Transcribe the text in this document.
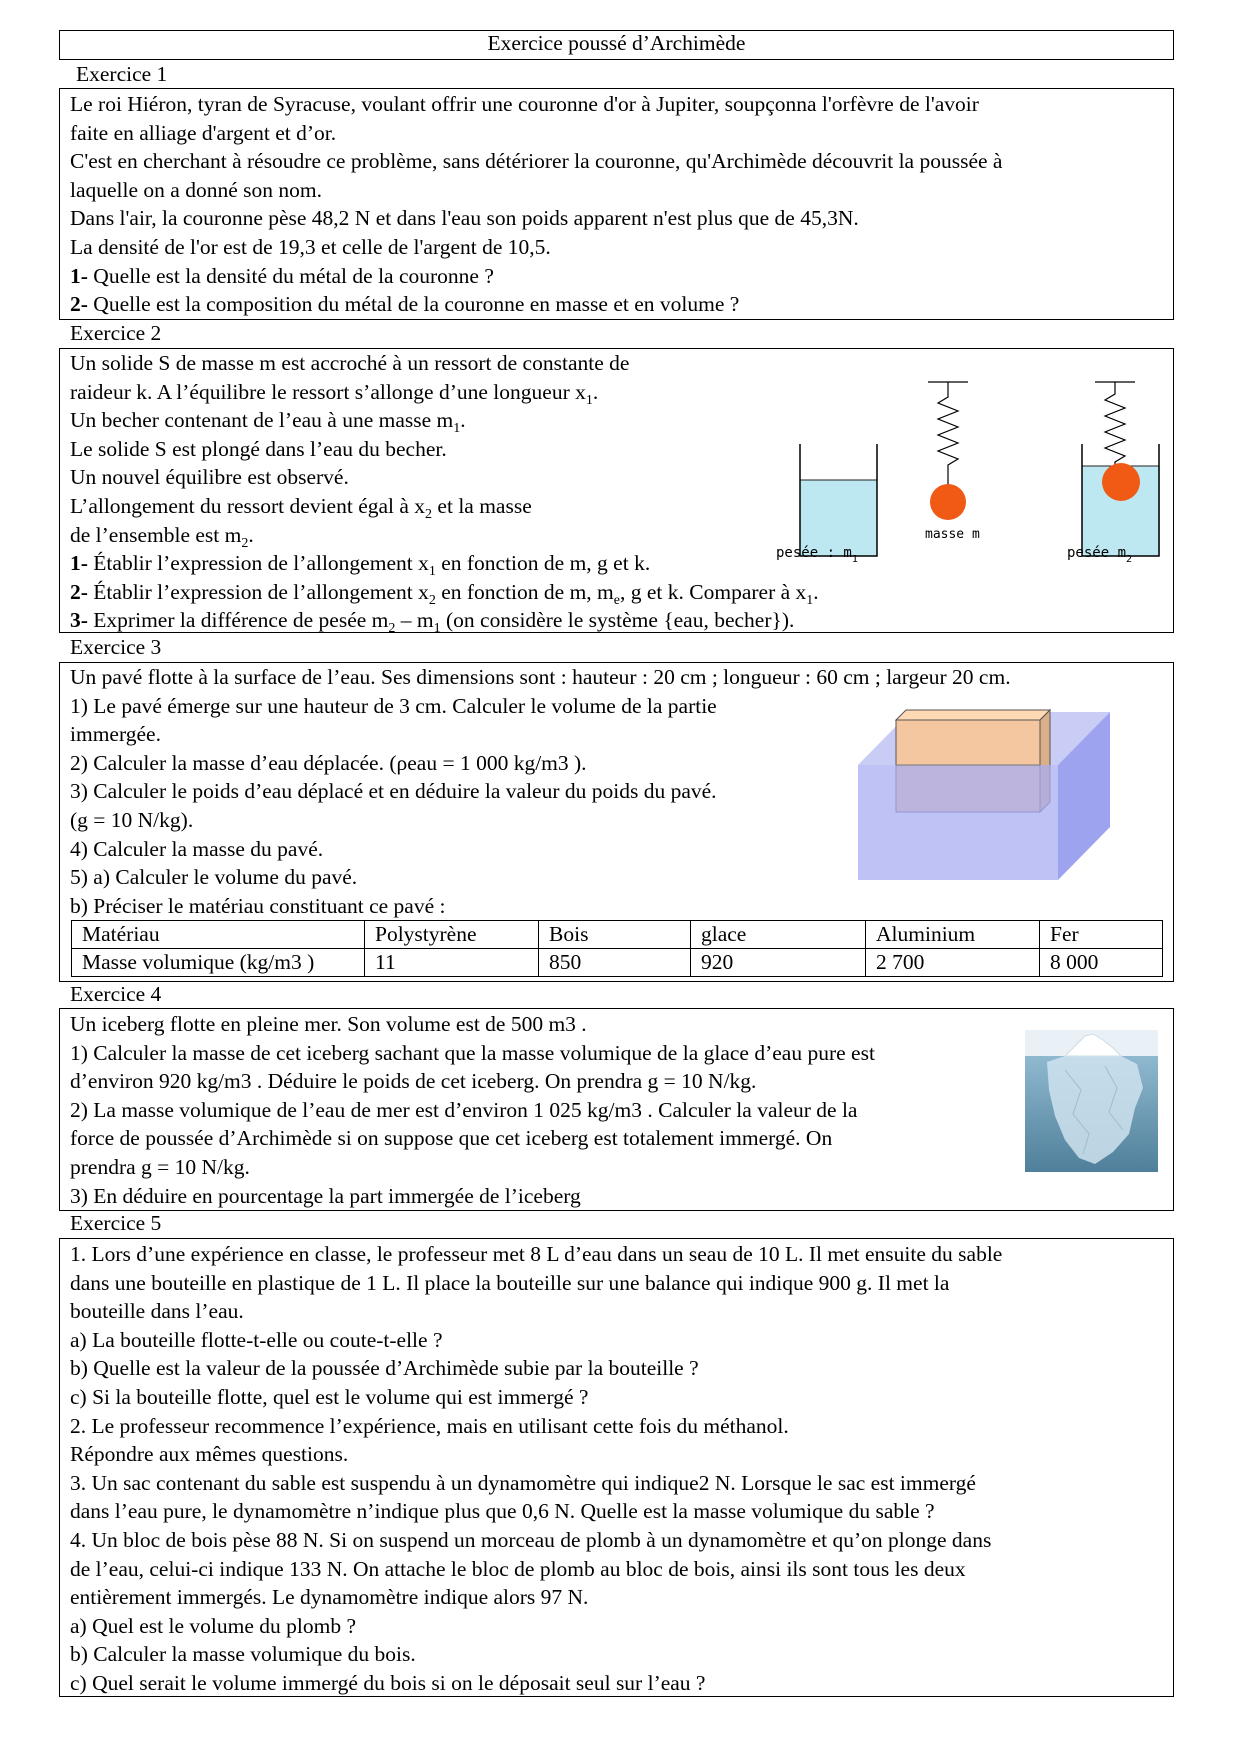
Exercice poussé d’Archimède
Exercice 1
Le roi Hiéron, tyran de Syracuse, voulant offrir une couronne d'or à Jupiter, soupçonna l'orfèvre de l'avoir
faite en alliage d'argent et d’or.
C'est en cherchant à résoudre ce problème, sans détériorer la couronne, qu'Archimède découvrit la poussée à
laquelle on a donné son nom.
Dans l'air, la couronne pèse 48,2 N et dans l'eau son poids apparent n'est plus que de 45,3N.
La densité de l'or est de 19,3 et celle de l'argent de 10,5.
1- Quelle est la densité du métal de la couronne ?
2- Quelle est la composition du métal de la couronne en masse et en volume ?
Exercice 2
Un solide S de masse m est accroché à un ressort de constante de
raideur k. A l’équilibre le ressort s’allonge d’une longueur $x_1$.
Un becher contenant de l’eau à une masse $m_1$.
Le solide S est plongé dans l’eau du becher.
Un nouvel équilibre est observé.
L’allongement du ressort devient égal à $x_2$ et la masse
de l’ensemble est $m_2$.
1- Établir l’expression de l’allongement $x_1$ en fonction de m, g et k.
2- Établir l’expression de l’allongement $x_2$ en fonction de m, $m_e$, g et k. Comparer à $x_1$.
3- Exprimer la différence de pesée $m_2 - m_1$ (on considère le système {eau, becher}).
pesée : $m_1$
masse m
pesée $m_2$
Exercice 3
Un pavé flotte à la surface de l’eau. Ses dimensions sont : hauteur : 20 cm ; longueur : 60 cm ; largeur 20 cm.
1) Le pavé émerge sur une hauteur de 3 cm. Calculer le volume de la partie
immergée.
2) Calculer la masse d’eau déplacée. (ρeau = 1 000 kg/m3 ).
3) Calculer le poids d’eau déplacé et en déduire la valeur du poids du pavé.
(g = 10 N/kg).
4) Calculer la masse du pavé.
5) a) Calculer le volume du pavé.
b) Préciser le matériau constituant ce pavé :
Matériau	Polystyrène	Bois	glace	Aluminium	Fer
Masse volumique (kg/m3 )	11	850	920	2 700	8 000
Exercice 4
Un iceberg flotte en pleine mer. Son volume est de 500 m3 .
1) Calculer la masse de cet iceberg sachant que la masse volumique de la glace d’eau pure est
d’environ 920 kg/m3 . Déduire le poids de cet iceberg. On prendra g = 10 N/kg.
2) La masse volumique de l’eau de mer est d’environ 1 025 kg/m3 . Calculer la valeur de la
force de poussée d’Archimède si on suppose que cet iceberg est totalement immergé. On
prendra g = 10 N/kg.
3) En déduire en pourcentage la part immergée de l’iceberg
Exercice 5
1. Lors d’une expérience en classe, le professeur met 8 L d’eau dans un seau de 10 L. Il met ensuite du sable
dans une bouteille en plastique de 1 L. Il place la bouteille sur une balance qui indique 900 g. Il met la
bouteille dans l’eau.
a) La bouteille flotte-t-elle ou coute-t-elle ?
b) Quelle est la valeur de la poussée d’Archimède subie par la bouteille ?
c) Si la bouteille flotte, quel est le volume qui est immergé ?
2. Le professeur recommence l’expérience, mais en utilisant cette fois du méthanol.
Répondre aux mêmes questions.
3. Un sac contenant du sable est suspendu à un dynamomètre qui indique2 N. Lorsque le sac est immergé
dans l’eau pure, le dynamomètre n’indique plus que 0,6 N. Quelle est la masse volumique du sable ?
4. Un bloc de bois pèse 88 N. Si on suspend un morceau de plomb à un dynamomètre et qu’on plonge dans
de l’eau, celui-ci indique 133 N. On attache le bloc de plomb au bloc de bois, ainsi ils sont tous les deux
entièrement immergés. Le dynamomètre indique alors 97 N.
a) Quel est le volume du plomb ?
b) Calculer la masse volumique du bois.
c) Quel serait le volume immergé du bois si on le déposait seul sur l’eau ?
